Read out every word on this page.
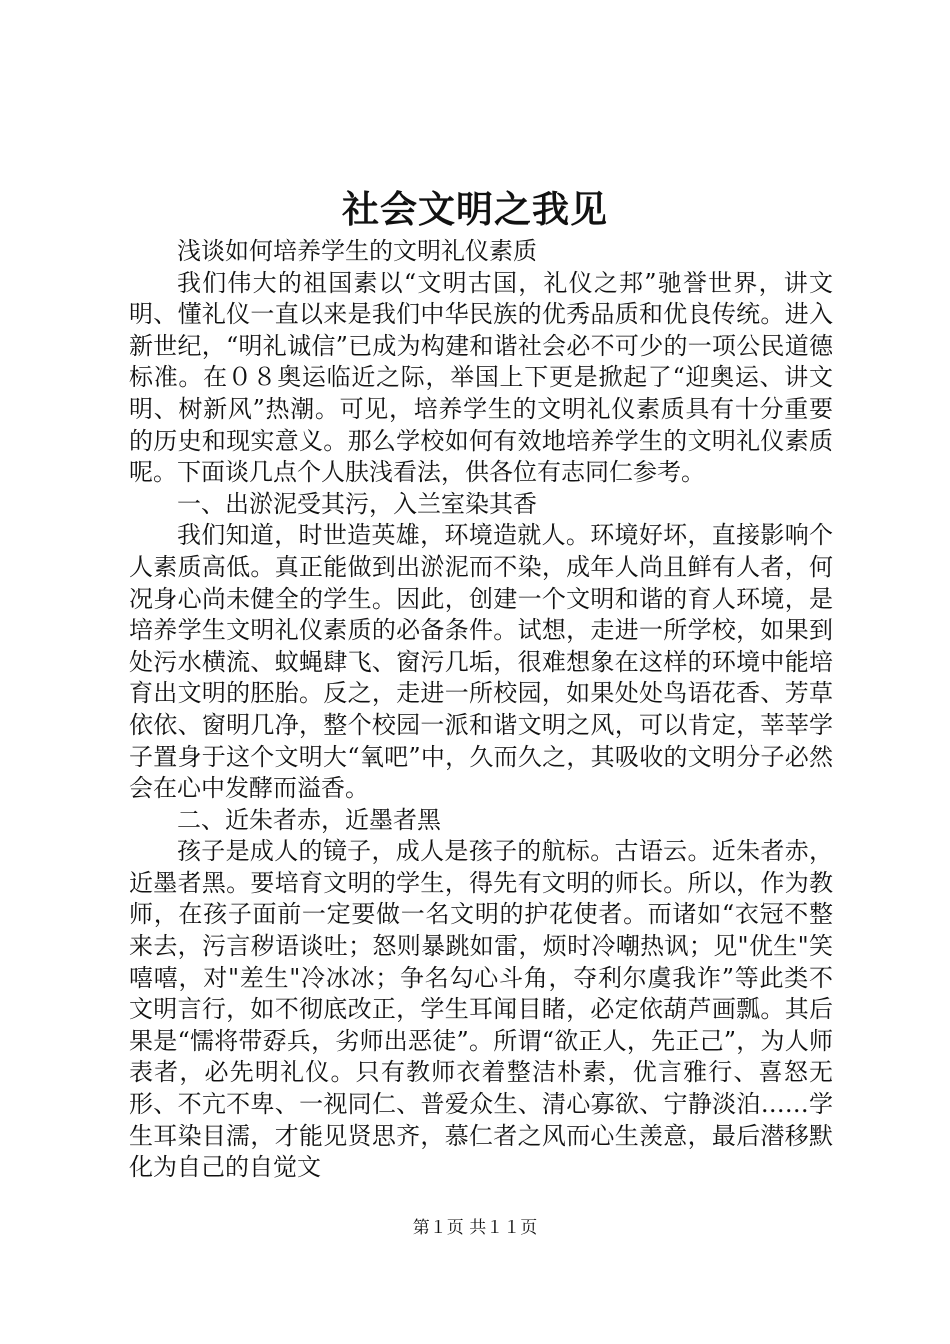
社会文明之我见

浅谈如何培养学生的文明礼仪素质

我们伟大的祖国素以“文明古国，礼仪之邦”驰誉世界，讲文明、懂礼仪一直以来是我们中华民族的优秀品质和优良传统。进入新世纪，“明礼诚信”已成为构建和谐社会必不可少的一项公民道德标准。在０８奥运临近之际，举国上下更是掀起了“迎奥运、讲文明、树新风”热潮。可见，培养学生的文明礼仪素质具有十分重要的历史和现实意义。那么学校如何有效地培养学生的文明礼仪素质呢。下面谈几点个人肤浅看法，供各位有志同仁参考。

一、出淤泥受其污，入兰室染其香

我们知道，时世造英雄，环境造就人。环境好坏，直接影响个人素质高低。真正能做到出淤泥而不染，成年人尚且鲜有人者，何况身心尚未健全的学生。因此，创建一个文明和谐的育人环境，是培养学生文明礼仪素质的必备条件。试想，走进一所学校，如果到处污水横流、蚊蝇肆飞、窗污几垢，很难想象在这样的环境中能培育出文明的胚胎。反之，走进一所校园，如果处处鸟语花香、芳草依依、窗明几净，整个校园一派和谐文明之风，可以肯定，莘莘学子置身于这个文明大“氧吧”中，久而久之，其吸收的文明分子必然会在心中发酵而溢香。

二、近朱者赤，近墨者黑

孩子是成人的镜子，成人是孩子的航标。古语云。近朱者赤，近墨者黑。要培育文明的学生，得先有文明的师长。所以，作为教师，在孩子面前一定要做一名文明的护花使者。而诸如“衣冠不整来去，污言秽语谈吐；怒则暴跳如雷，烦时冷嘲热讽；见"优生"笑嘻嘻，对"差生"冷冰冰；争名勾心斗角，夺利尔虞我诈”等此类不文明言行，如不彻底改正，学生耳闻目睹，必定依葫芦画瓢。其后果是“懦将带孬兵，劣师出恶徒”。所谓“欲正人，先正己”，为人师表者，必先明礼仪。只有教师衣着整洁朴素，优言雅行、喜怒无形、不亢不卑、一视同仁、普爱众生、清心寡欲、宁静淡泊……学生耳染目濡，才能见贤思齐，慕仁者之风而心生羡意，最后潜移默化为自己的自觉文

第１页 共１１页
